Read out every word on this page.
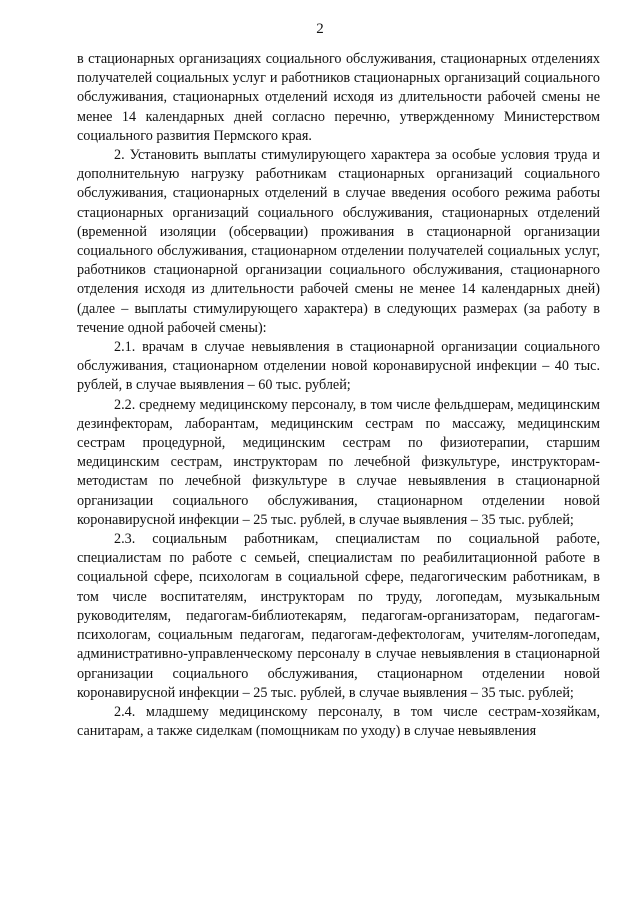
2

в стационарных организациях социального обслуживания, стационарных отделениях получателей социальных услуг и работников стационарных организаций социального обслуживания, стационарных отделений исходя из длительности рабочей смены не менее 14 календарных дней согласно перечню, утвержденному Министерством социального развития Пермского края.

2. Установить выплаты стимулирующего характера за особые условия труда и дополнительную нагрузку работникам стационарных организаций социального обслуживания, стационарных отделений в случае введения особого режима работы стационарных организаций социального обслуживания, стационарных отделений (временной изоляции (обсервации) проживания в стационарной организации социального обслуживания, стационарном отделении получателей социальных услуг, работников стационарной организации социального обслуживания, стационарного отделения исходя из длительности рабочей смены не менее 14 календарных дней) (далее – выплаты стимулирующего характера) в следующих размерах (за работу в течение одной рабочей смены):

2.1. врачам в случае невыявления в стационарной организации социального обслуживания, стационарном отделении новой коронавирусной инфекции – 40 тыс. рублей, в случае выявления – 60 тыс. рублей;

2.2. среднему медицинскому персоналу, в том числе фельдшерам, медицинским дезинфекторам, лаборантам, медицинским сестрам по массажу, медицинским сестрам процедурной, медицинским сестрам по физиотерапии, старшим медицинским сестрам, инструкторам по лечебной физкультуре, инструкторам-методистам по лечебной физкультуре в случае невыявления в стационарной организации социального обслуживания, стационарном отделении новой коронавирусной инфекции – 25 тыс. рублей, в случае выявления – 35 тыс. рублей;

2.3. социальным работникам, специалистам по социальной работе, специалистам по работе с семьей, специалистам по реабилитационной работе в социальной сфере, психологам в социальной сфере, педагогическим работникам, в том числе воспитателям, инструкторам по труду, логопедам, музыкальным руководителям, педагогам-библиотекарям, педагогам-организаторам, педагогам-психологам, социальным педагогам, педагогам-дефектологам, учителям-логопедам, административно-управленческому персоналу в случае невыявления в стационарной организации социального обслуживания, стационарном отделении новой коронавирусной инфекции – 25 тыс. рублей, в случае выявления – 35 тыс. рублей;

2.4. младшему медицинскому персоналу, в том числе сестрам-хозяйкам, санитарам, а также сиделкам (помощникам по уходу) в случае невыявления
